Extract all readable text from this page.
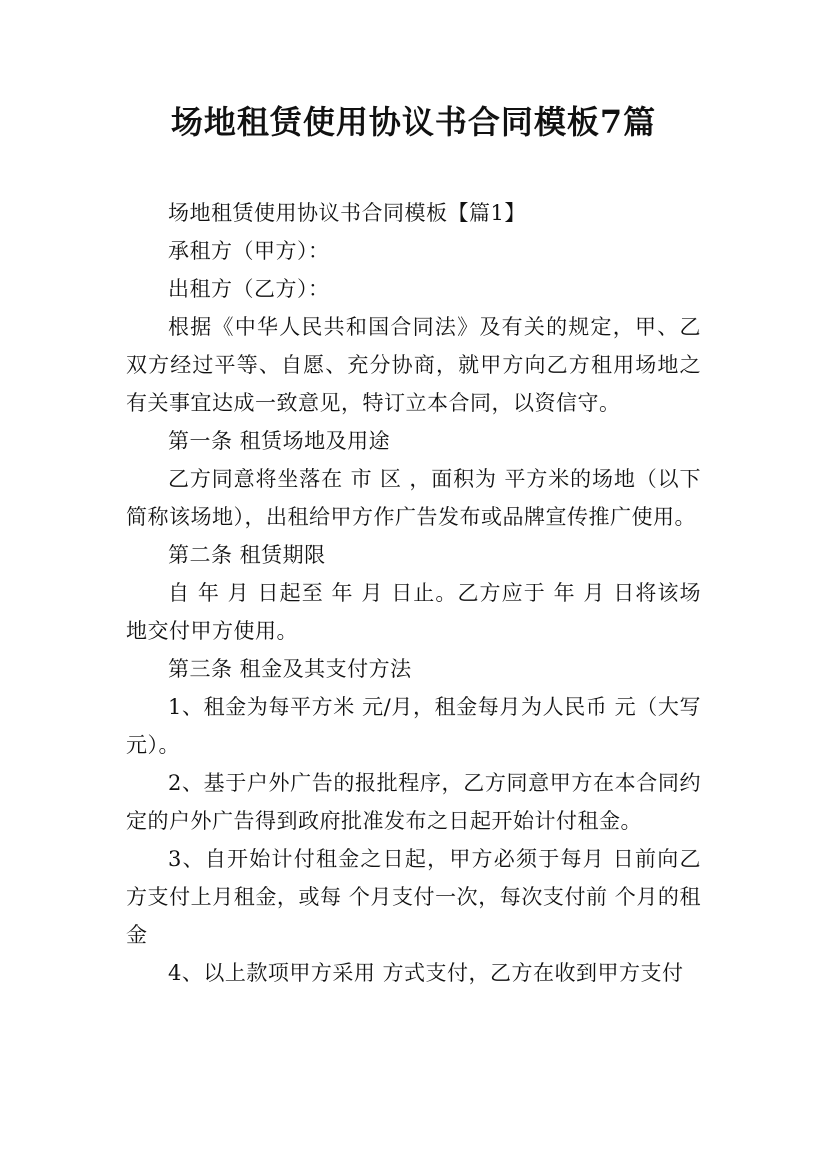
场地租赁使用协议书合同模板7篇

场地租赁使用协议书合同模板【篇1】

承租方（甲方）：

出租方（乙方）：

根据《中华人民共和国合同法》及有关的规定，甲、乙双方经过平等、自愿、充分协商，就甲方向乙方租用场地之有关事宜达成一致意见，特订立本合同，以资信守。

第一条 租赁场地及用途

乙方同意将坐落在 市 区 ，面积为 平方米的场地（以下简称该场地），出租给甲方作广告发布或品牌宣传推广使用。

第二条 租赁期限

自 年 月 日起至 年 月 日止。乙方应于 年 月 日将该场地交付甲方使用。

第三条 租金及其支付方法

1、租金为每平方米 元/月，租金每月为人民币 元（大写 元）。

2、基于户外广告的报批程序，乙方同意甲方在本合同约定的户外广告得到政府批准发布之日起开始计付租金。

3、自开始计付租金之日起，甲方必须于每月 日前向乙方支付上月租金，或每 个月支付一次，每次支付前 个月的租金

4、以上款项甲方采用 方式支付，乙方在收到甲方支付
